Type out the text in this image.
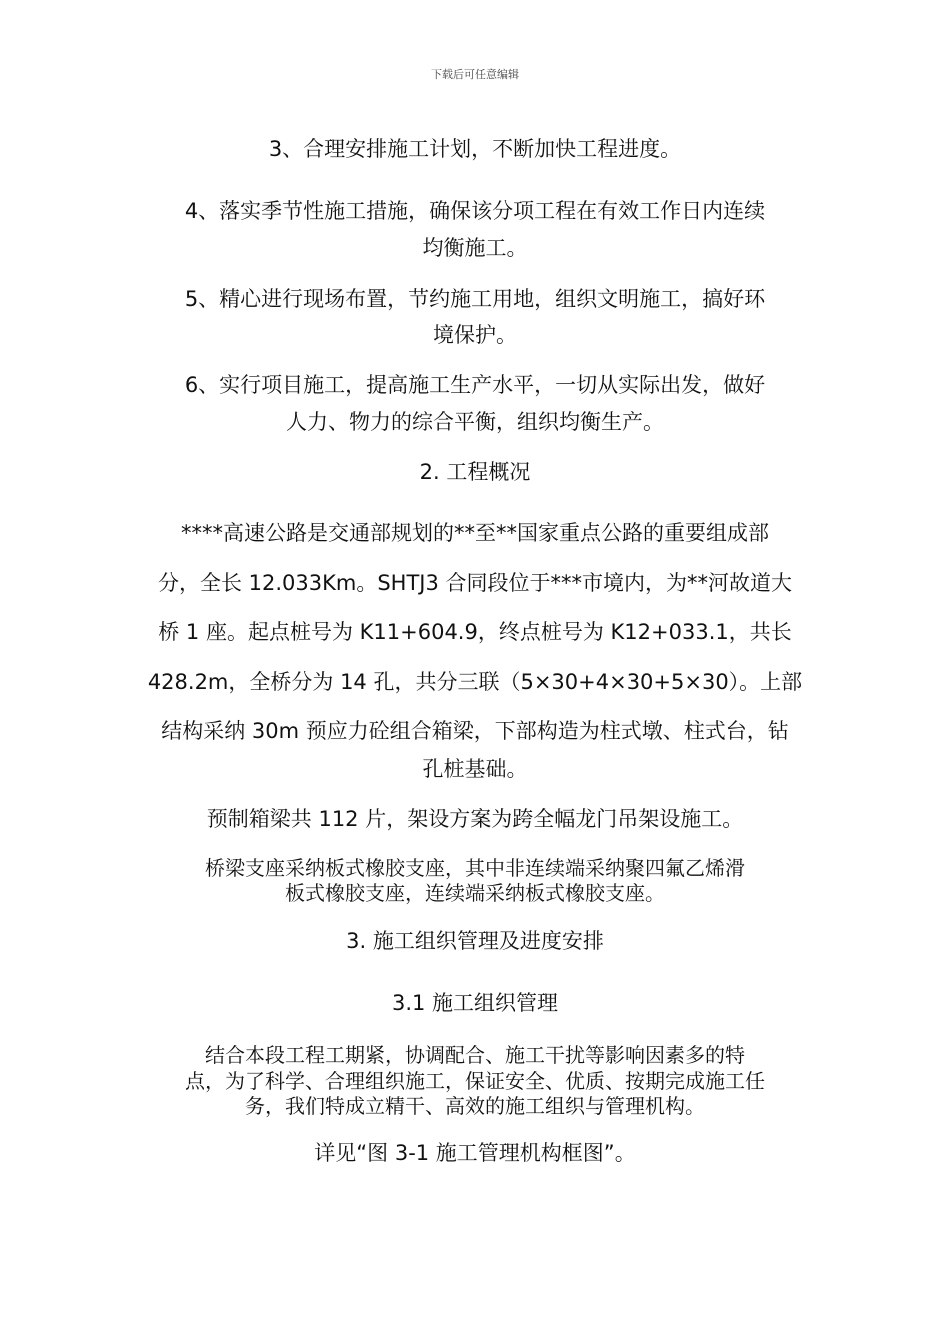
下载后可任意编辑
3、合理安排施工计划，不断加快工程进度。
4、落实季节性施工措施，确保该分项工程在有效工作日内连续
均衡施工。
5、精心进行现场布置，节约施工用地，组织文明施工，搞好环
境保护。
6、实行项目施工，提高施工生产水平，一切从实际出发，做好
人力、物力的综合平衡，组织均衡生产。
2. 工程概况
****高速公路是交通部规划的**至**国家重点公路的重要组成部
分，全长 12.033Km。SHTJ3 合同段位于***市境内，为**河故道大
桥 1 座。起点桩号为 K11+604.9，终点桩号为 K12+033.1，共长
428.2m，全桥分为 14 孔，共分三联（5×30+4×30+5×30）。上部
结构采纳 30m 预应力砼组合箱梁，下部构造为柱式墩、柱式台，钻
孔桩基础。
预制箱梁共 112 片，架设方案为跨全幅龙门吊架设施工。
桥梁支座采纳板式橡胶支座，其中非连续端采纳聚四氟乙烯滑
板式橡胶支座，连续端采纳板式橡胶支座。
3. 施工组织管理及进度安排
3.1 施工组织管理
结合本段工程工期紧，协调配合、施工干扰等影响因素多的特
点，为了科学、合理组织施工，保证安全、优质、按期完成施工任
务，我们特成立精干、高效的施工组织与管理机构。
详见“图 3-1 施工管理机构框图”。
